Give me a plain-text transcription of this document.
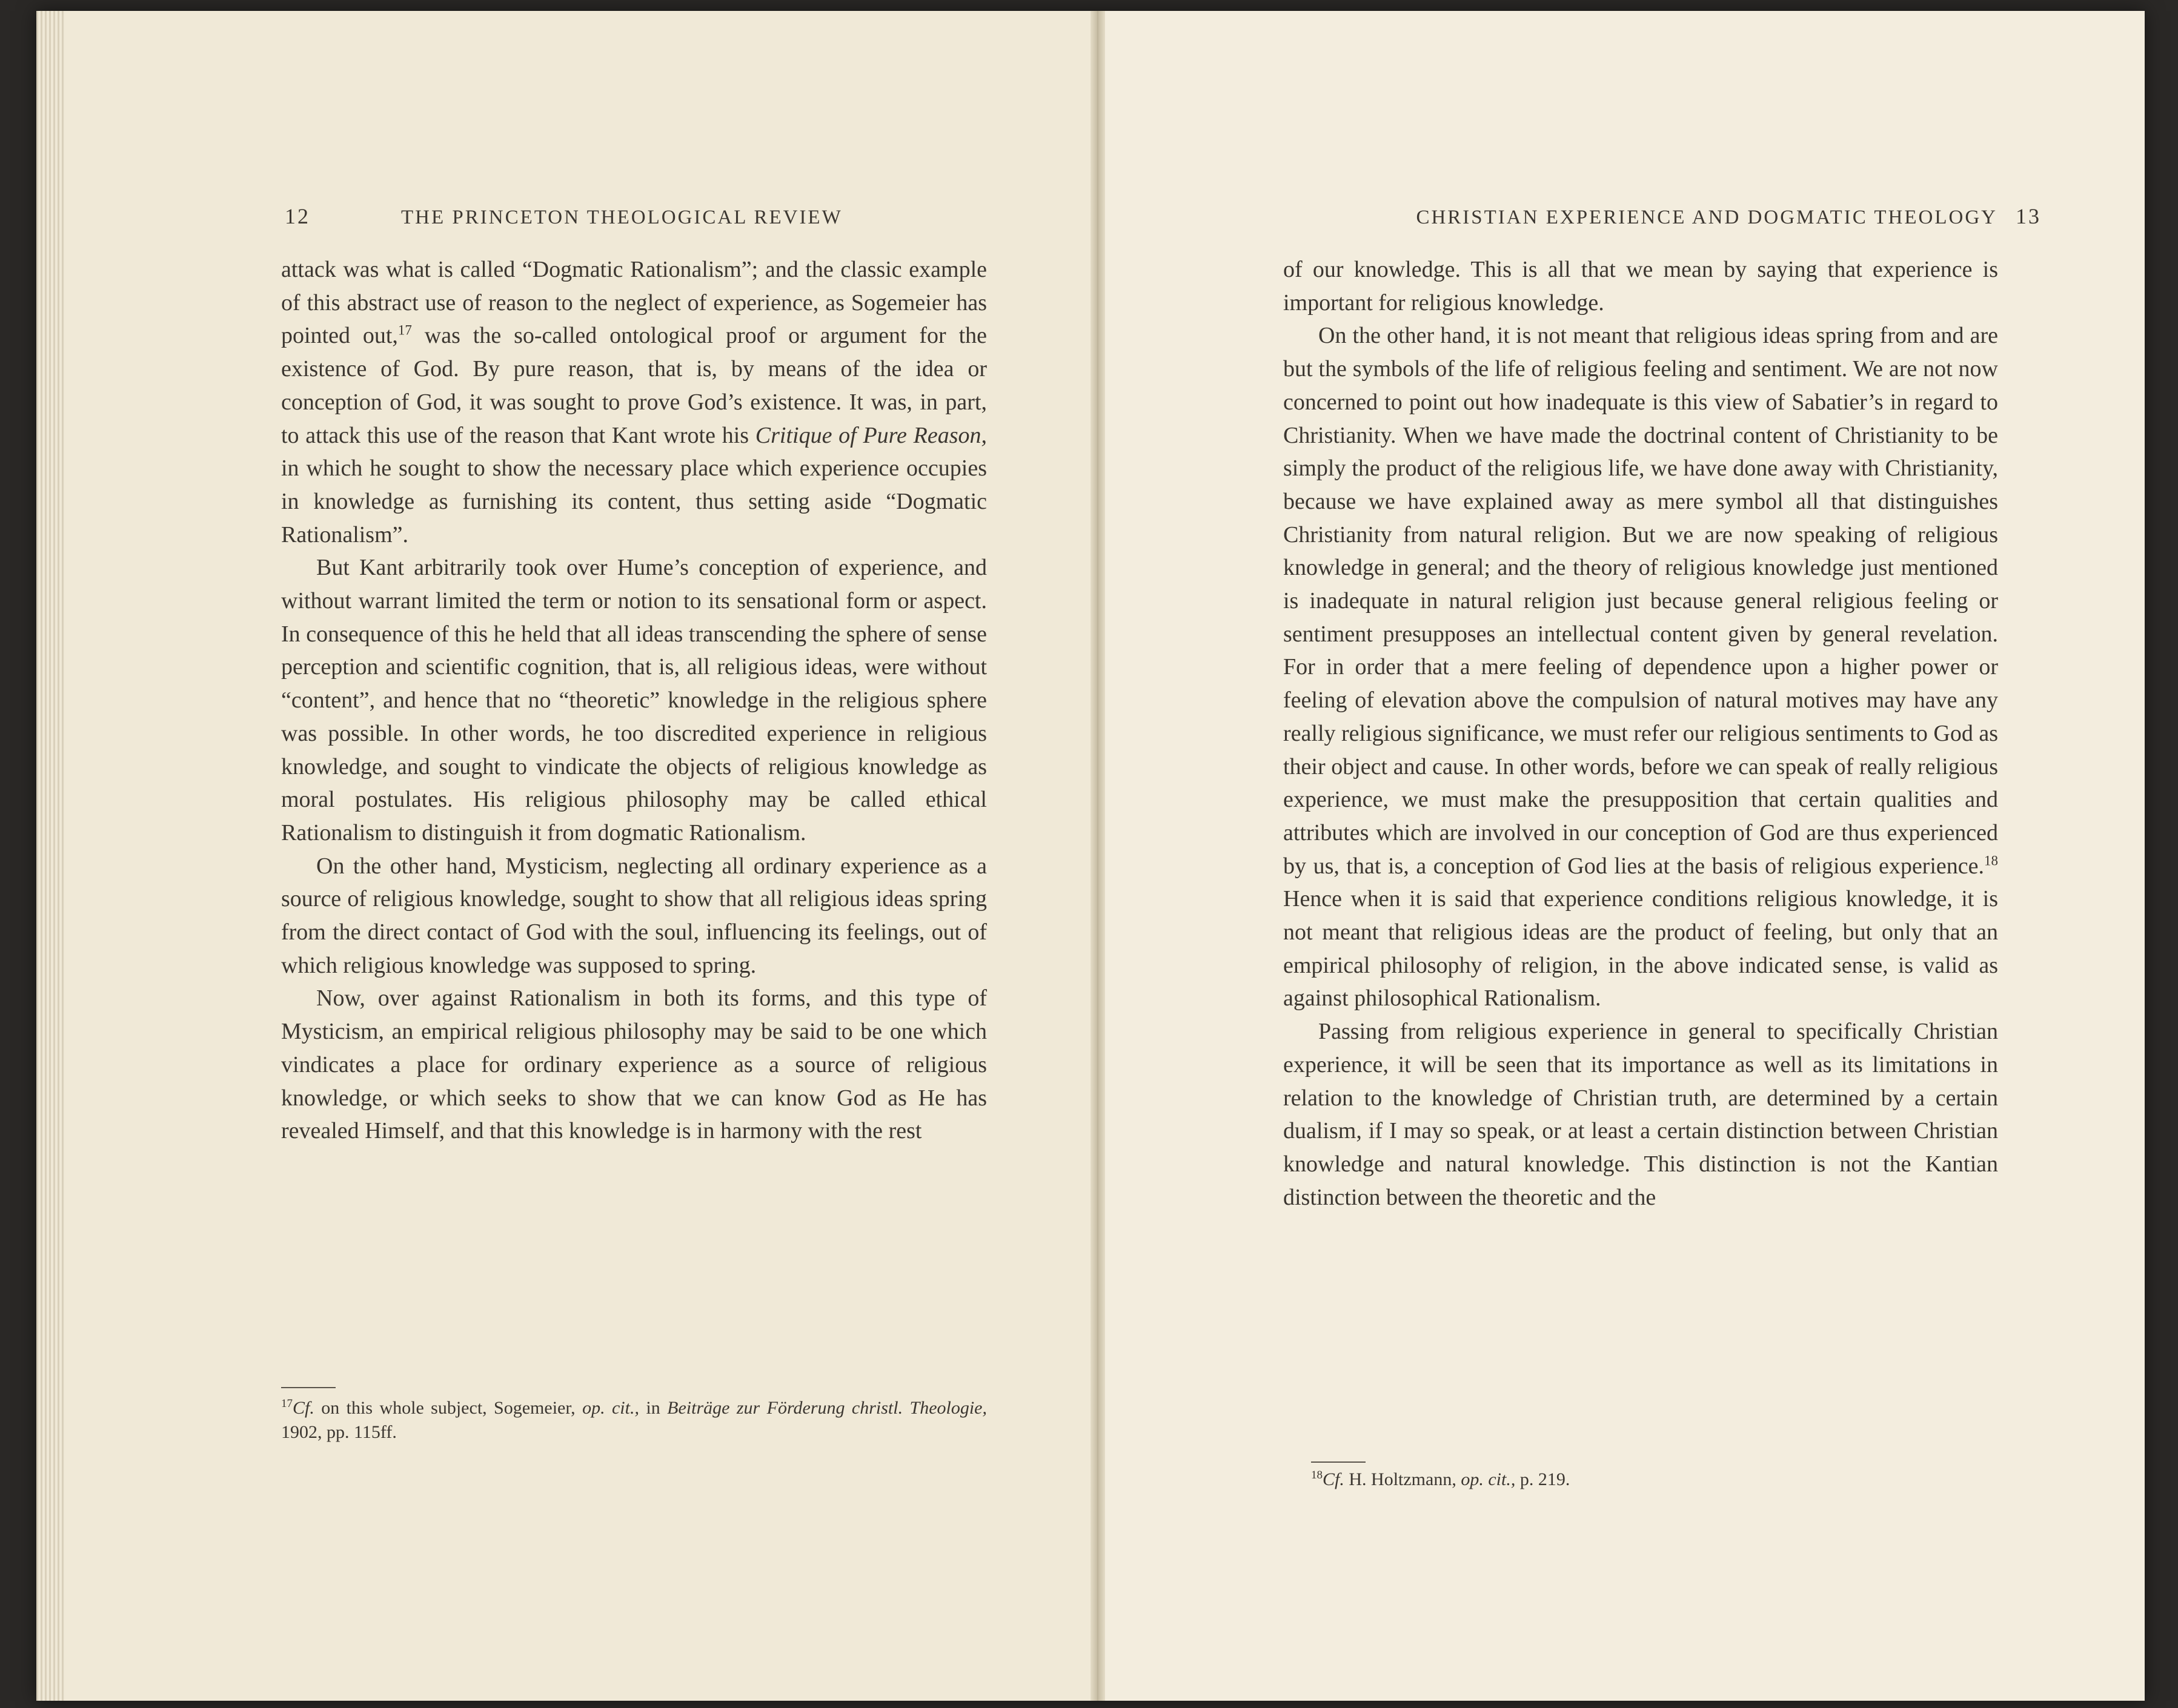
12	THE PRINCETON THEOLOGICAL REVIEW

attack was what is called “Dogmatic Rationalism”; and the classic example of this abstract use of reason to the neglect of experience, as Sogemeier has pointed out,$^{17}$ was the so-called ontological proof or argument for the existence of God. By pure reason, that is, by means of the idea or conception of God, it was sought to prove God’s existence. It was, in part, to attack this use of the reason that Kant wrote his Critique of Pure Reason, in which he sought to show the necessary place which experience occupies in knowledge as furnishing its content, thus setting aside “Dogmatic Rationalism”.

But Kant arbitrarily took over Hume’s conception of experience, and without warrant limited the term or notion to its sensational form or aspect. In consequence of this he held that all ideas transcending the sphere of sense perception and scientific cognition, that is, all religious ideas, were without “content”, and hence that no “theoretic” knowledge in the religious sphere was possible. In other words, he too discredited experience in religious knowledge, and sought to vindicate the objects of religious knowledge as moral postulates. His religious philosophy may be called ethical Rationalism to distinguish it from dogmatic Rationalism.

On the other hand, Mysticism, neglecting all ordinary experience as a source of religious knowledge, sought to show that all religious ideas spring from the direct contact of God with the soul, influencing its feelings, out of which religious knowledge was supposed to spring.

Now, over against Rationalism in both its forms, and this type of Mysticism, an empirical religious philosophy may be said to be one which vindicates a place for ordinary experience as a source of religious knowledge, or which seeks to show that we can know God as He has revealed Himself, and that this knowledge is in harmony with the rest

$^{17}$Cf. on this whole subject, Sogemeier, op. cit., in Beiträge zur Förderung christl. Theologie, 1902, pp. 115ff.
CHRISTIAN EXPERIENCE AND DOGMATIC THEOLOGY 13

of our knowledge. This is all that we mean by saying that experience is important for religious knowledge.

On the other hand, it is not meant that religious ideas spring from and are but the symbols of the life of religious feeling and sentiment. We are not now concerned to point out how inadequate is this view of Sabatier’s in regard to Christianity. When we have made the doctrinal content of Christianity to be simply the product of the religious life, we have done away with Christianity, because we have explained away as mere symbol all that distinguishes Christianity from natural religion. But we are now speaking of religious knowledge in general; and the theory of religious knowledge just mentioned is inadequate in natural religion just because general religious feeling or sentiment presupposes an intellectual content given by general revelation. For in order that a mere feeling of dependence upon a higher power or feeling of elevation above the compulsion of natural motives may have any really religious significance, we must refer our religious sentiments to God as their object and cause. In other words, before we can speak of really religious experience, we must make the presupposition that certain qualities and attributes which are involved in our conception of God are thus experienced by us, that is, a conception of God lies at the basis of religious experience.$^{18}$ Hence when it is said that experience conditions religious knowledge, it is not meant that religious ideas are the product of feeling, but only that an empirical philosophy of religion, in the above indicated sense, is valid as against philosophical Rationalism.

Passing from religious experience in general to specifically Christian experience, it will be seen that its importance as well as its limitations in relation to the knowledge of Christian truth, are determined by a certain dualism, if I may so speak, or at least a certain distinction between Christian knowledge and natural knowledge. This distinction is not the Kantian distinction between the theoretic and the

$^{18}$Cf. H. Holtzmann, op. cit., p. 219.
